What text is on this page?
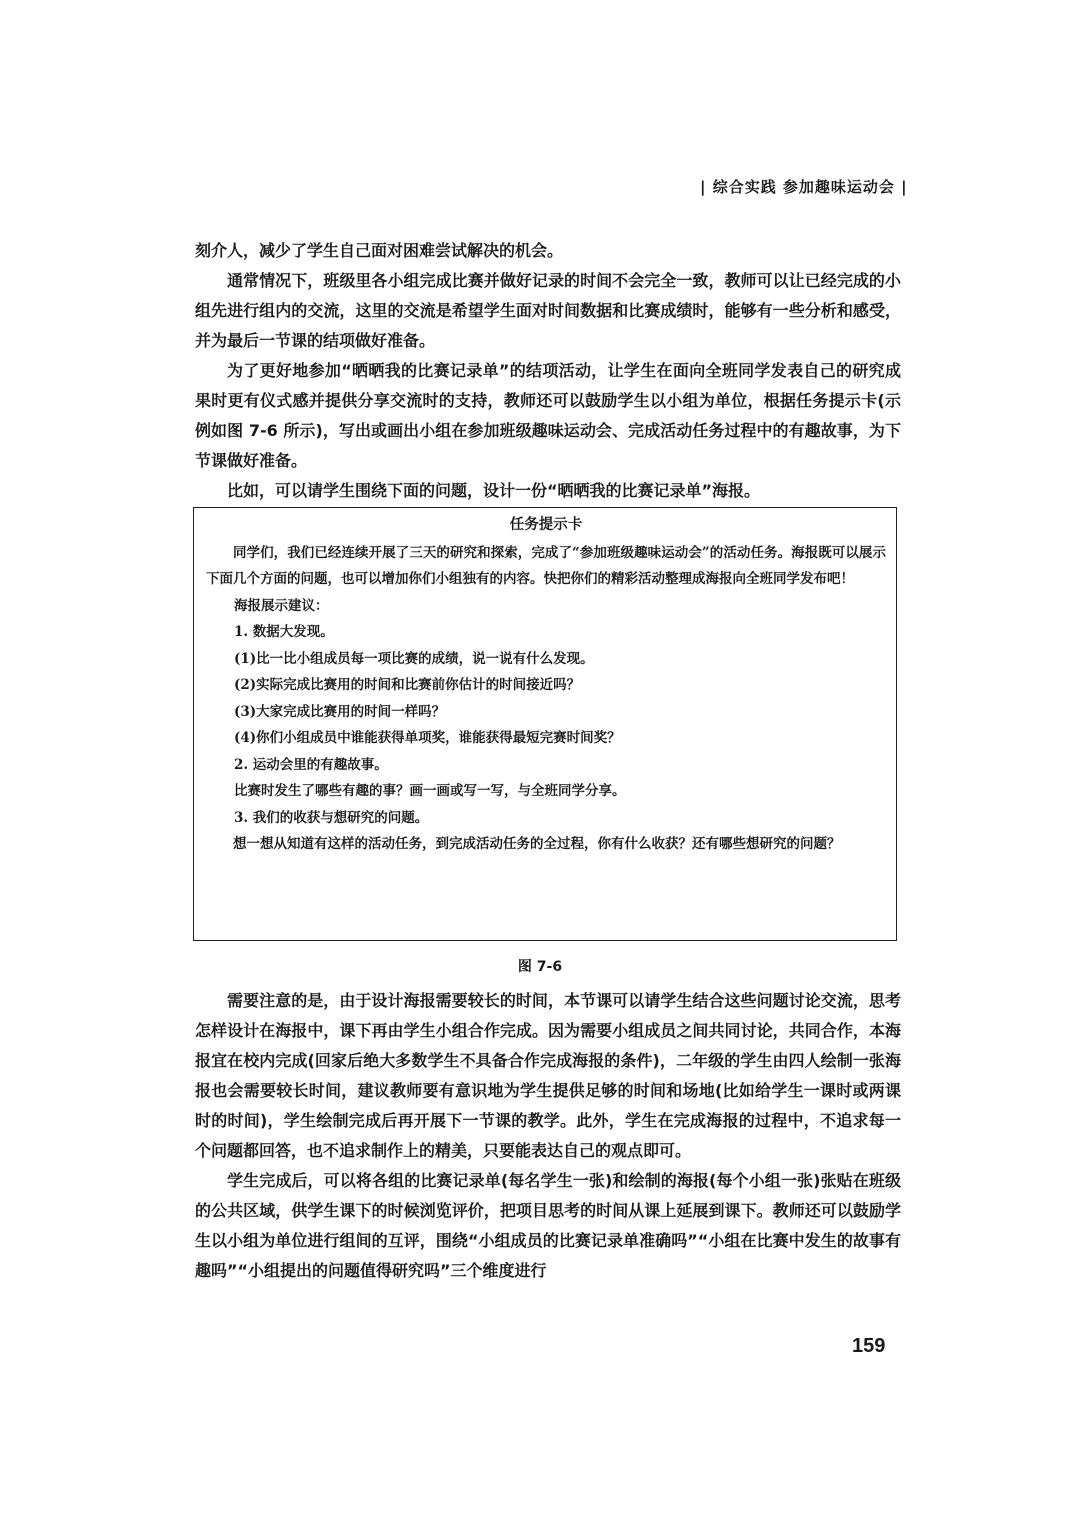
| 综合实践 参加趣味运动会 |

刻介人，减少了学生自己面对困难尝试解决的机会。

通常情况下，班级里各小组完成比赛并做好记录的时间不会完全一致，教师可以让已经完成的小组先进行组内的交流，这里的交流是希望学生面对时间数据和比赛成绩时，能够有一些分析和感受，并为最后一节课的结项做好准备。

为了更好地参加“晒晒我的比赛记录单”的结项活动，让学生在面向全班同学发表自己的研究成果时更有仪式感并提供分享交流时的支持，教师还可以鼓励学生以小组为单位，根据任务提示卡(示例如图 7-6 所示)，写出或画出小组在参加班级趣味运动会、完成活动任务过程中的有趣故事，为下节课做好准备。

比如，可以请学生围绕下面的问题，设计一份“晒晒我的比赛记录单”海报。

任务提示卡
同学们，我们已经连续开展了三天的研究和探索，完成了“参加班级趣味运动会”的活动任务。海报既可以展示下面几个方面的问题，也可以增加你们小组独有的内容。快把你们的精彩活动整理成海报向全班同学发布吧！
海报展示建议：
1. 数据大发现。
(1)比一比小组成员每一项比赛的成绩，说一说有什么发现。
(2)实际完成比赛用的时间和比赛前你估计的时间接近吗？
(3)大家完成比赛用的时间一样吗？
(4)你们小组成员中谁能获得单项奖，谁能获得最短完赛时间奖？
2. 运动会里的有趣故事。
比赛时发生了哪些有趣的事？画一画或写一写，与全班同学分享。
3. 我们的收获与想研究的问题。
想一想从知道有这样的活动任务，到完成活动任务的全过程，你有什么收获？还有哪些想研究的问题？
图 7-6

需要注意的是，由于设计海报需要较长的时间，本节课可以请学生结合这些问题讨论交流，思考怎样设计在海报中，课下再由学生小组合作完成。因为需要小组成员之间共同讨论，共同合作，本海报宜在校内完成(回家后绝大多数学生不具备合作完成海报的条件)，二年级的学生由四人绘制一张海报也会需要较长时间，建议教师要有意识地为学生提供足够的时间和场地(比如给学生一课时或两课时的时间)，学生绘制完成后再开展下一节课的教学。此外，学生在完成海报的过程中，不追求每一个问题都回答，也不追求制作上的精美，只要能表达自己的观点即可。

学生完成后，可以将各组的比赛记录单(每名学生一张)和绘制的海报(每个小组一张)张贴在班级的公共区域，供学生课下的时候浏览评价，把项目思考的时间从课上延展到课下。教师还可以鼓励学生以小组为单位进行组间的互评，围绕“小组成员的比赛记录单准确吗”“小组在比赛中发生的故事有趣吗”“小组提出的问题值得研究吗”三个维度进行

159
